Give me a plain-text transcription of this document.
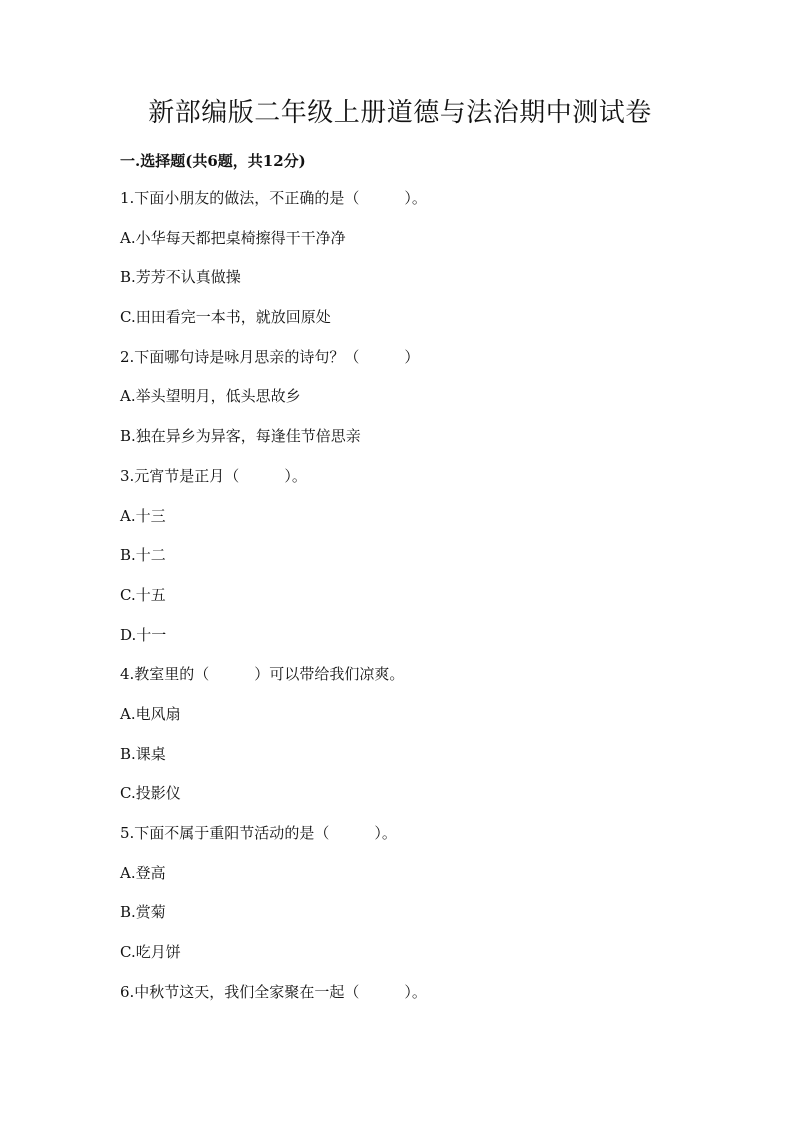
新部编版二年级上册道德与法治期中测试卷
一.选择题(共6题，共12分)
1.下面小朋友的做法，不正确的是（　　　）。
A.小华每天都把桌椅擦得干干净净
B.芳芳不认真做操
C.田田看完一本书，就放回原处
2.下面哪句诗是咏月思亲的诗句？（　　　）
A.举头望明月，低头思故乡
B.独在异乡为异客，每逢佳节倍思亲
3.元宵节是正月（　　　）。
A.十三
B.十二
C.十五
D.十一
4.教室里的（　　　）可以带给我们凉爽。
A.电风扇
B.课桌
C.投影仪
5.下面不属于重阳节活动的是（　　　）。
A.登高
B.赏菊
C.吃月饼
6.中秋节这天，我们全家聚在一起（　　　）。
